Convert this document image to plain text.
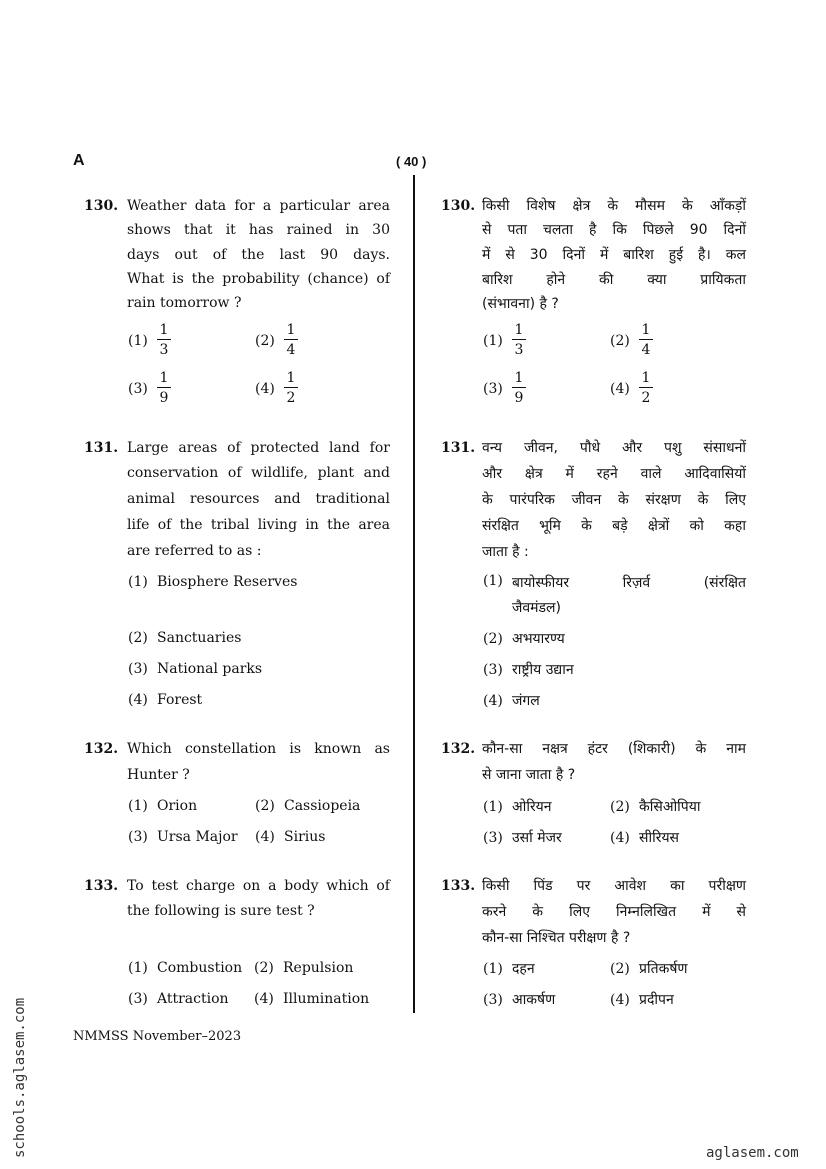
A	( 40 )
130. Weather data for a particular area
shows that it has rained in 30
days out of the last 90 days.
What is the probability (chance) of
rain tomorrow ?
$(1) \frac{1}{3}$	$(2) \frac{1}{4}$
$(3) \frac{1}{9}$	$(4) \frac{1}{2}$
131. Large areas of protected land for
conservation of wildlife, plant and
animal resources and traditional
life of the tribal living in the area
are referred to as :
(1) Biosphere Reserves
(2) Sanctuaries
(3) National parks
(4) Forest
132. Which constellation is known as
Hunter ?
(1) Orion	(2) Cassiopeia
(3) Ursa Major (4) Sirius
133. To test charge on a body which of
the following is sure test ?
(1) Combustion (2) Repulsion
(3) Attraction (4) Illumination
130. किसी विशेष क्षेत्र के मौसम के आँकड़ों
से पता चलता है कि पिछले 90 दिनों
में से 30 दिनों में बारिश हुई है। कल
बारिश होने की क्या प्रायिकता
(संभावना) है ?
$(1) \frac{1}{3}$	$(2) \frac{1}{4}$
$(3) \frac{1}{9}$	$(4) \frac{1}{2}$
131. वन्य जीवन, पौधे और पशु संसाधनों
और क्षेत्र में रहने वाले आदिवासियों
के पारंपरिक जीवन के संरक्षण के लिए
संरक्षित भूमि के बड़े क्षेत्रों को कहा
जाता है :
(1) बायोस्फीयर रिज़र्व (संरक्षित
जैवमंडल)
(2) अभयारण्य
(3) राष्ट्रीय उद्यान
(4) जंगल
132. कौन-सा नक्षत्र हंटर (शिकारी) के नाम
से जाना जाता है ?
(1) ओरियन	(2) कैसिओपिया
(3) उर्सा मेजर	(4) सीरियस
133. किसी पिंड पर आवेश का परीक्षण
करने के लिए निम्नलिखित में से
कौन-सा निश्चित परीक्षण है ?
(1) दहन	(2) प्रतिकर्षण
(3) आकर्षण	(4) प्रदीपन
NMMSS November–2023
schools.aglasem.com	aglasem.com
